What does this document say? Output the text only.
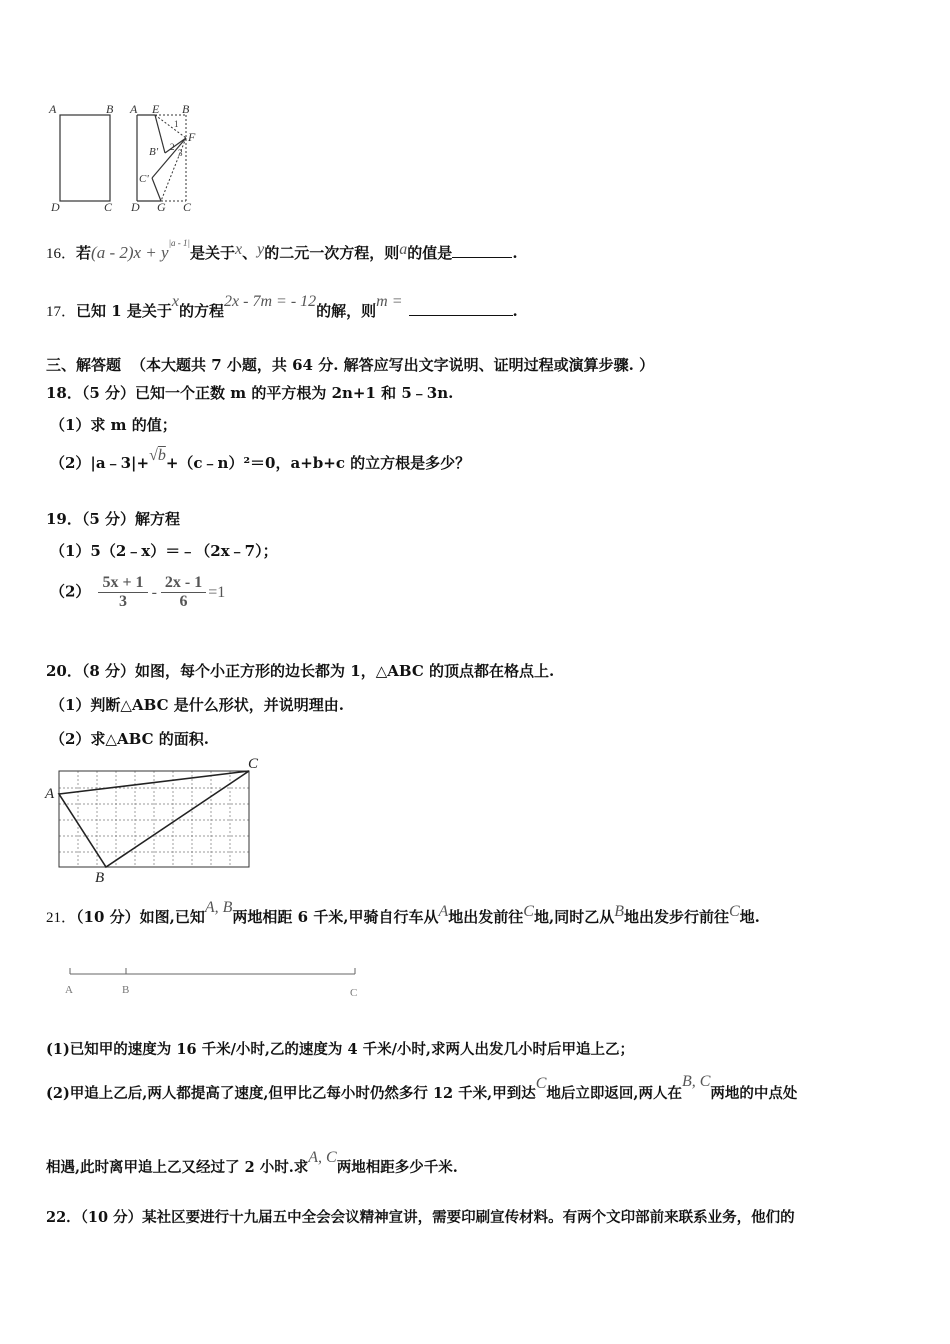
A	B
D	C
A E B
F
B'
C'
D G C
1
2
3
16．若$(a - 2)x + y^{|a - 1|}$是关于x、y的二元一次方程，则a的值是	.
17．已知 1 是关于x的方程2x - 7m = - 12的解，则m =.
三、解答题 （本大题共 7 小题，共 64 分. 解答应写出文字说明、证明过程或演算步骤. ）
18．（5 分）已知一个正数 m 的平方根为 2n+1 和 5﹣3n.
（1）求 m 的值；
（2）|a﹣3|+√b+（c﹣n）²＝0，a+b+c 的立方根是多少？
19．（5 分）解方程
（1）5（2﹣x）＝﹣（2x﹣7）；
$(2) \frac{5x + 1}{3} - \frac{2x - 1}{6} =1$
20．（8 分）如图，每个小正方形的边长都为 1，△ABC 的顶点都在格点上.
（1）判断△ABC 是什么形状，并说明理由.
（2）求△ABC 的面积.
A
B
C
21．（10 分）如图,已知A, B两地相距 6 千米,甲骑自行车从A地出发前往C地,同时乙从B地出发步行前往C地.
A	B	C
(1)已知甲的速度为 16 千米/小时,乙的速度为 4 千米/小时,求两人出发几小时后甲追上乙；
(2)甲追上乙后,两人都提高了速度,但甲比乙每小时仍然多行 12 千米,甲到达C地后立即返回,两人在B, C两地的中点处
相遇,此时离甲追上乙又经过了 2 小时.求A, C两地相距多少千米.
22．（10 分）某社区要进行十九届五中全会会议精神宣讲，需要印刷宣传材料。有两个文印部前来联系业务，他们的
